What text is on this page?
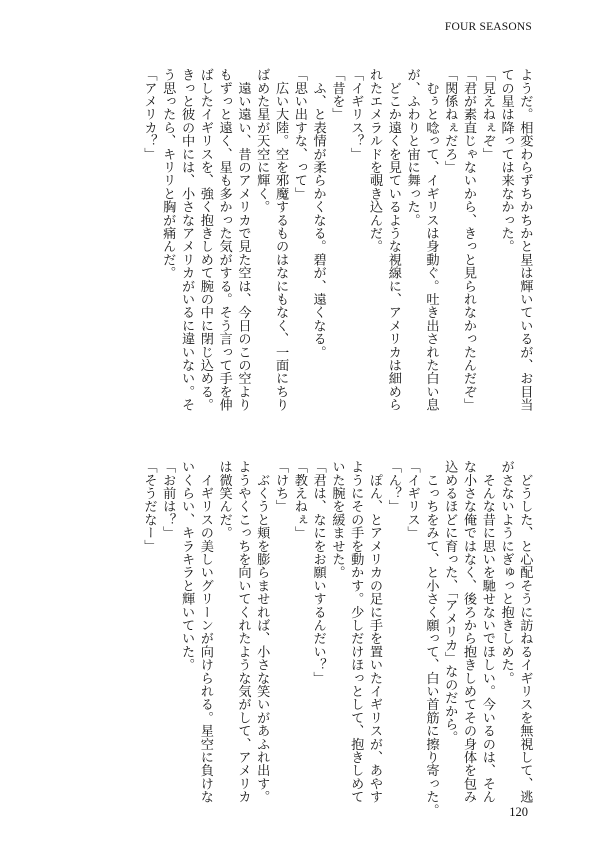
FOUR SEASONS
ようだ。相変わらずちかちかと星は輝いているが、お目当
ての星は降っては来なかった。
「見えねぇぞ」
「君が素直じゃないから、きっと見られなかったんだぞ」
「関係ねぇだろ」
　むぅと唸って、イギリスは身動ぐ。吐き出された白い息
が、ふわりと宙に舞った。
　どこか遠くを見ているような視線に、アメリカは細めら
れたエメラルドを覗き込んだ。
「イギリス？」
「昔を」
　ふ、と表情が柔らかくなる。碧が、遠くなる。
「思い出すな、って」
　広い大陸。空を邪魔するものはなにもなく、一面にちり
ばめた星が天空に輝く。
　遠い遠い、昔のアメリカで見た空は、今日のこの空より
もずっと遠く、星も多かった気がする。そう言って手を伸
ばしたイギリスを、強く抱きしめて腕の中に閉じ込める。
きっと彼の中には、小さなアメリカがいるに違いない。そ
う思ったら、キリリと胸が痛んだ。
「アメリカ？」
　どうした、と心配そうに訪ねるイギリスを無視して、逃
がさないようにぎゅっと抱きしめた。
　そんな昔に思いを馳せないでほしい。今いるのは、そん
な小さな俺ではなく、後ろから抱きしめてその身体を包み
込めるほどに育った、「アメリカ」なのだから。
　こっちをみて、と小さく願って、白い首筋に擦り寄った。
「イギリス」
「ん？」
　ぽん、とアメリカの足に手を置いたイギリスが、あやす
ようにその手を動かす。少しだけほっとして、抱きしめて
いた腕を緩ませた。
「君は、なにをお願いするんだい？」
「教えねぇ」
「けち」
　ぶくうと頬を膨らませれば、小さな笑いがあふれ出す。
ようやくこっちを向いてくれたような気がして、アメリカ
は微笑んだ。
　イギリスの美しいグリーンが向けられる。星空に負けな
いくらい、キラキラと輝いていた。
「お前は？」
「そうだなー」
120
